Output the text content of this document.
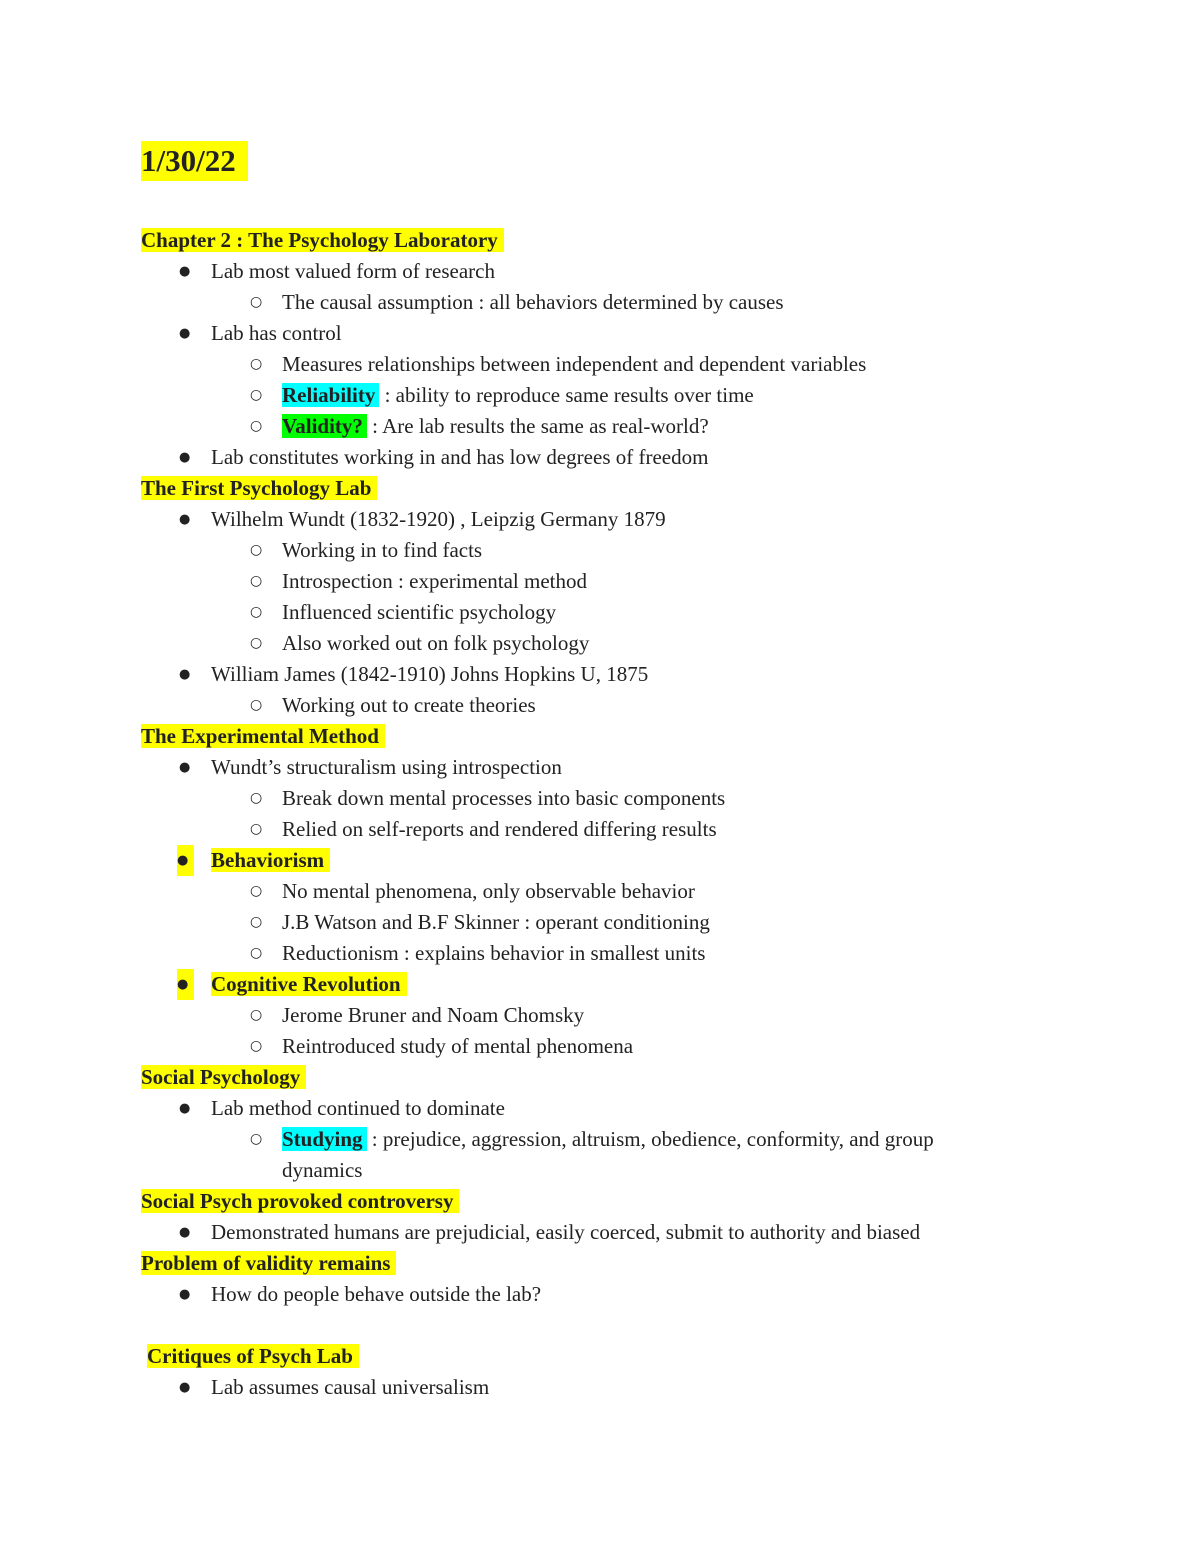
1/30/22
Chapter 2 : The Psychology Laboratory
● Lab most valued form of research
○ The causal assumption : all behaviors determined by causes
● Lab has control
○ Measures relationships between independent and dependent variables
○ Reliability : ability to reproduce same results over time
○ Validity? : Are lab results the same as real-world?
● Lab constitutes working in and has low degrees of freedom
The First Psychology Lab
● Wilhelm Wundt (1832-1920) , Leipzig Germany 1879
○ Working in to find facts
○ Introspection : experimental method
○ Influenced scientific psychology
○ Also worked out on folk psychology
● William James (1842-1910) Johns Hopkins U, 1875
○ Working out to create theories
The Experimental Method
● Wundt’s structuralism using introspection
○ Break down mental processes into basic components
○ Relied on self-reports and rendered differing results
● Behaviorism
○ No mental phenomena, only observable behavior
○ J.B Watson and B.F Skinner : operant conditioning
○ Reductionism : explains behavior in smallest units
● Cognitive Revolution
○ Jerome Bruner and Noam Chomsky
○ Reintroduced study of mental phenomena
Social Psychology
● Lab method continued to dominate
○ Studying : prejudice, aggression, altruism, obedience, conformity, and group dynamics
Social Psych provoked controversy
● Demonstrated humans are prejudicial, easily coerced, submit to authority and biased
Problem of validity remains
● How do people behave outside the lab?
Critiques of Psych Lab
● Lab assumes causal universalism
